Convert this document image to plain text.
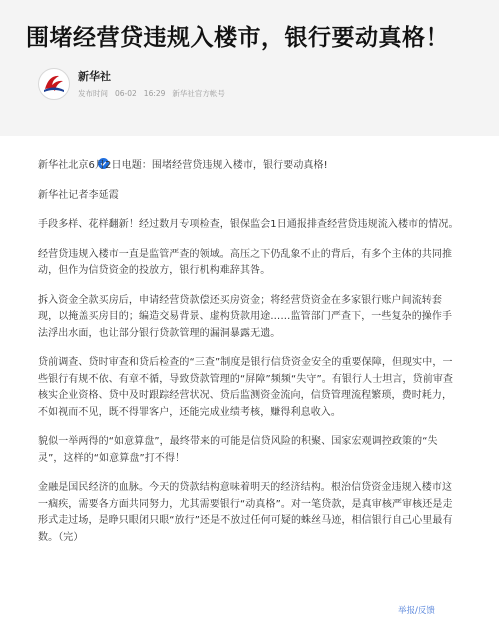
围堵经营贷违规入楼市，银行要动真格！
新华社
发布时间 06-02 16:29 新华社官方帐号

新华社北京6月2日电题：围堵经营贷违规入楼市，银行要动真格!

新华社记者李延霞

手段多样、花样翻新！经过数月专项检查，银保监会1日通报排查经营贷违规流入楼市的情况。

经营贷违规入楼市一直是监管严查的领域。高压之下仍乱象不止的背后，有多个主体的共同推动，但作为信贷资金的投放方，银行机构难辞其咎。

拆入资金全款买房后，申请经营贷款偿还买房资金；将经营贷资金在多家银行账户间流转套现，以掩盖买房目的；编造交易背景、虚构贷款用途……监管部门严查下，一些复杂的操作手法浮出水面，也让部分银行贷款管理的漏洞暴露无遗。

贷前调查、贷时审查和贷后检查的“三查”制度是银行信贷资金安全的重要保障，但现实中，一些银行有规不依、有章不循，导致贷款管理的“屏障”频频“失守”。有银行人士坦言，贷前审查核实企业资格、贷中及时跟踪经营状况、贷后监测资金流向，信贷管理流程繁琐，费时耗力，不如视而不见，既不得罪客户，还能完成业绩考核，赚得利息收入。

貌似一举两得的“如意算盘”，最终带来的可能是信贷风险的积聚、国家宏观调控政策的“失灵”，这样的“如意算盘”打不得！

金融是国民经济的血脉。今天的贷款结构意味着明天的经济结构。根治信贷资金违规入楼市这一痼疾，需要各方面共同努力，尤其需要银行“动真格”。对一笔贷款，是真审核严审核还是走形式走过场，是睁只眼闭只眼“放行”还是不放过任何可疑的蛛丝马迹，相信银行自己心里最有数。（完）

举报/反馈
